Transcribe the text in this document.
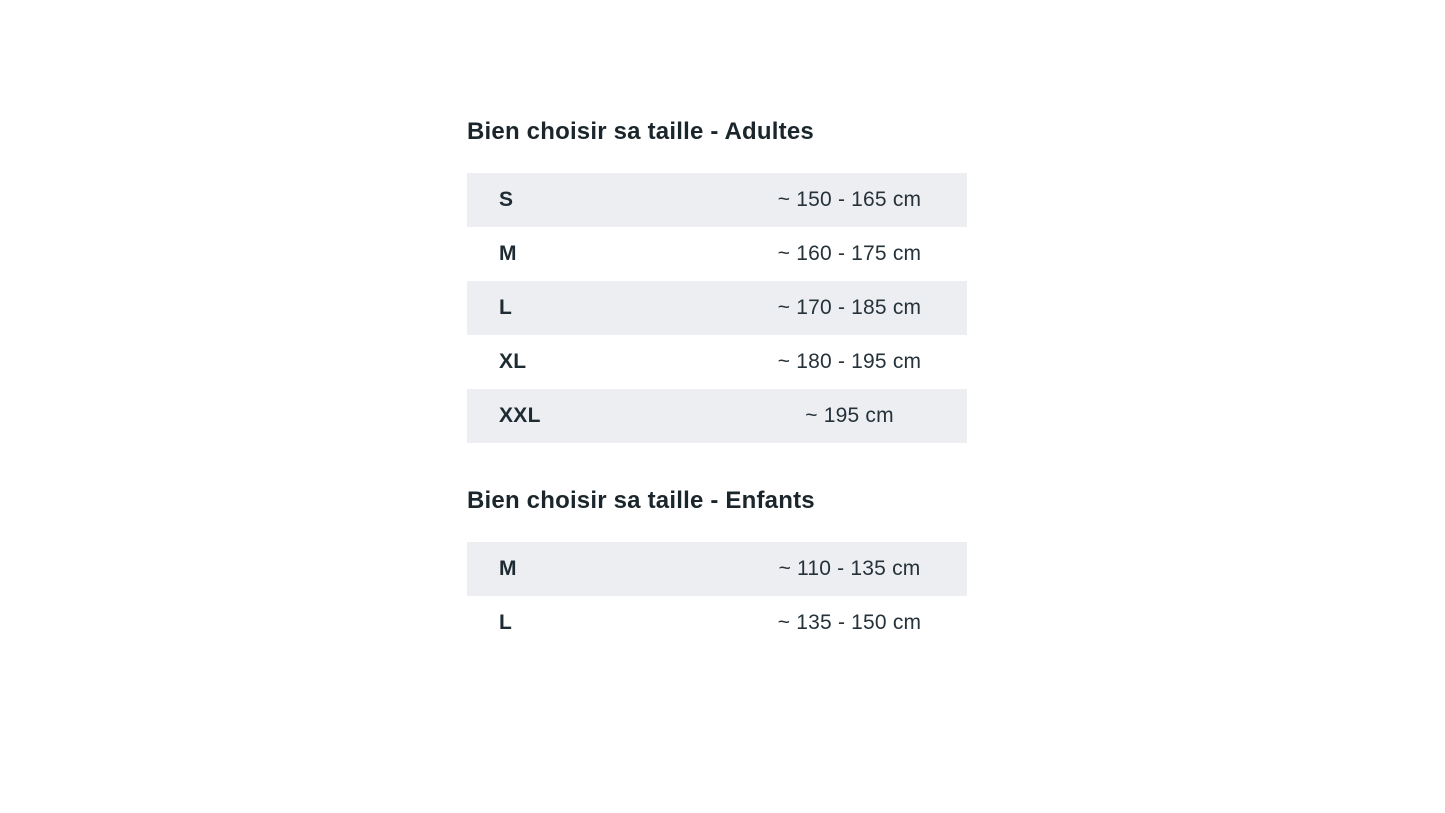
Bien choisir sa taille - Adultes
S	~ 150 - 165 cm
M	~ 160 - 175 cm
L	~ 170 - 185 cm
XL	~ 180 - 195 cm
XXL	~ 195 cm
Bien choisir sa taille - Enfants
M	~ 110 - 135 cm
L	~ 135 - 150 cm
